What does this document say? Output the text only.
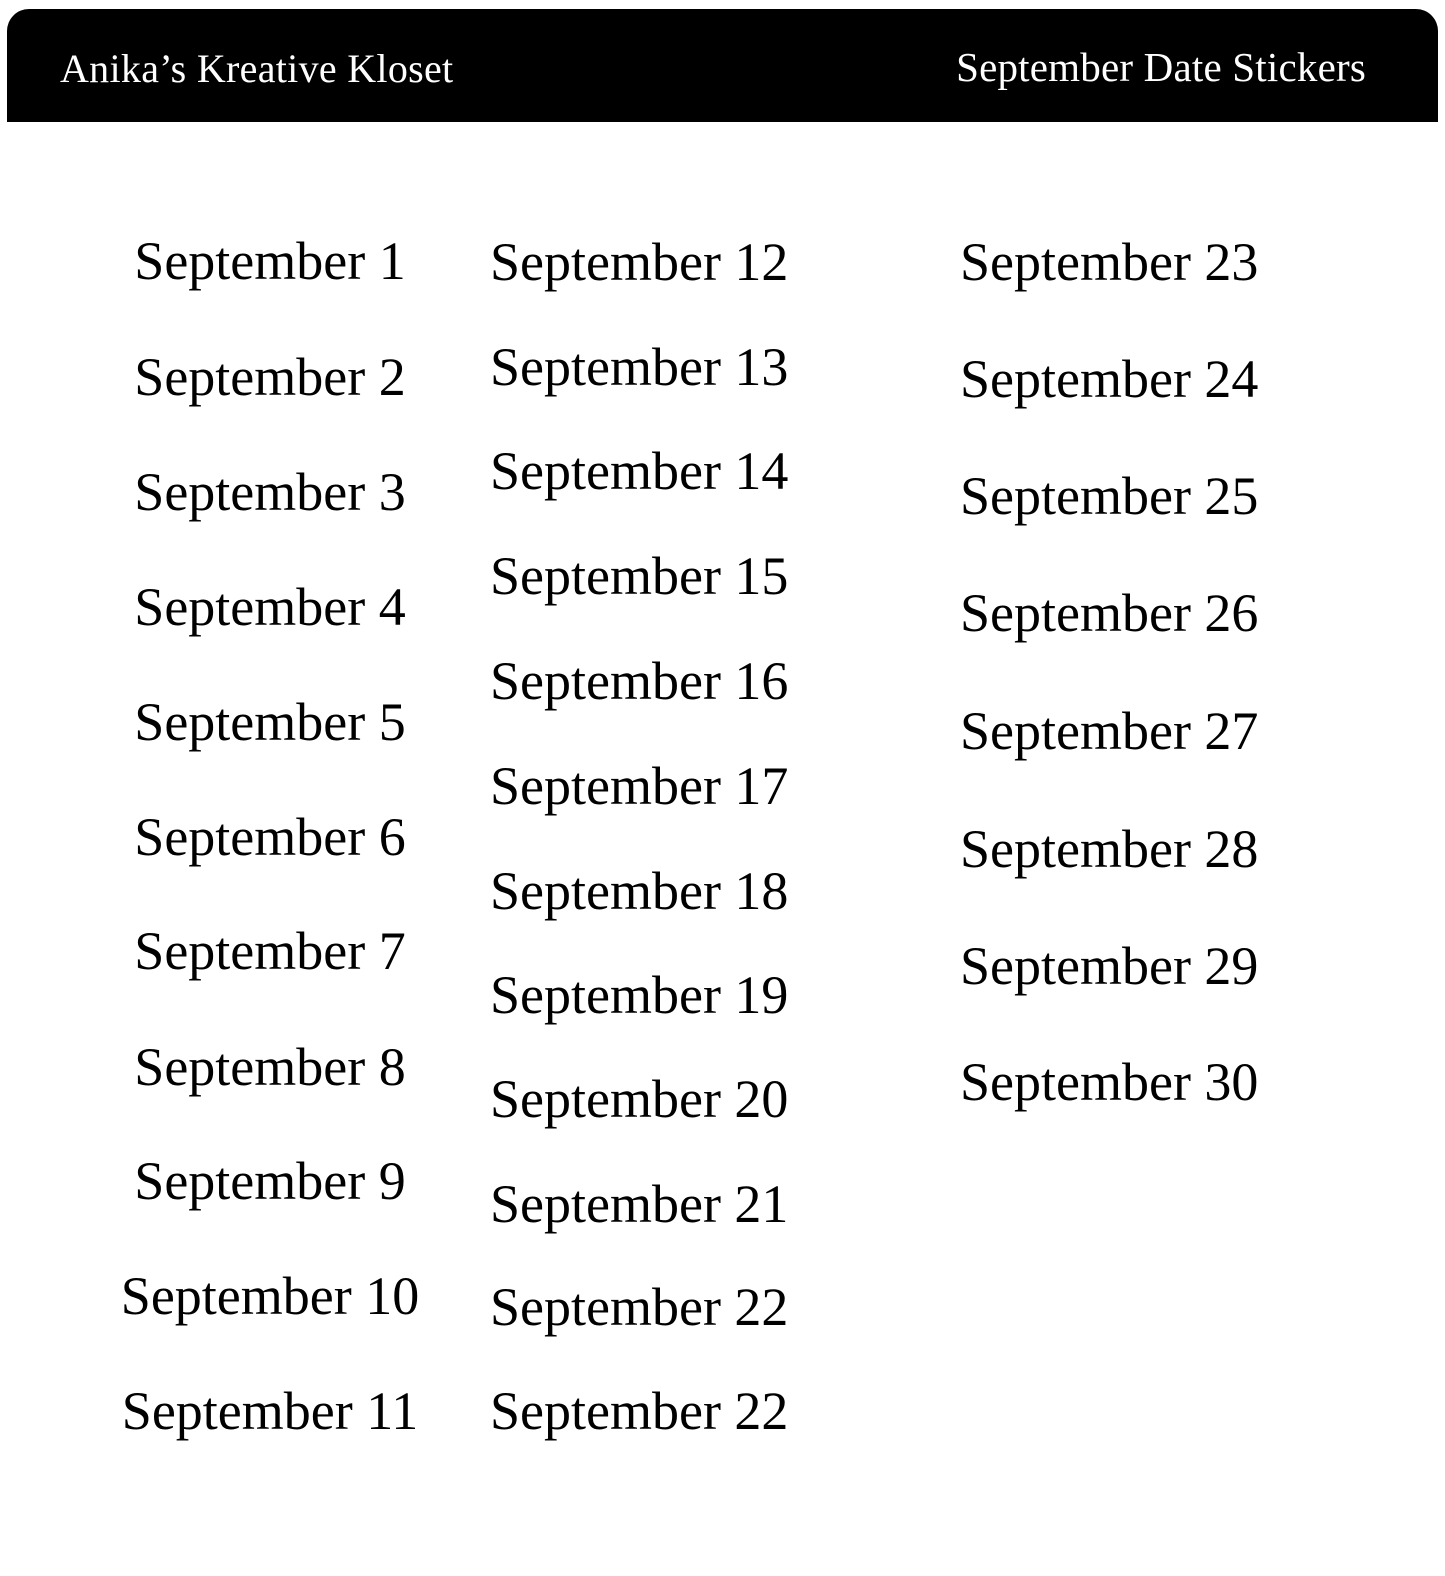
Anika’s Kreative Kloset	September Date Stickers
September 1
September 2
September 3
September 4
September 5
September 6
September 7
September 8
September 9
September 10
September 11
September 12
September 13
September 14
September 15
September 16
September 17
September 18
September 19
September 20
September 21
September 22
September 22
September 23
September 24
September 25
September 26
September 27
September 28
September 29
September 30
